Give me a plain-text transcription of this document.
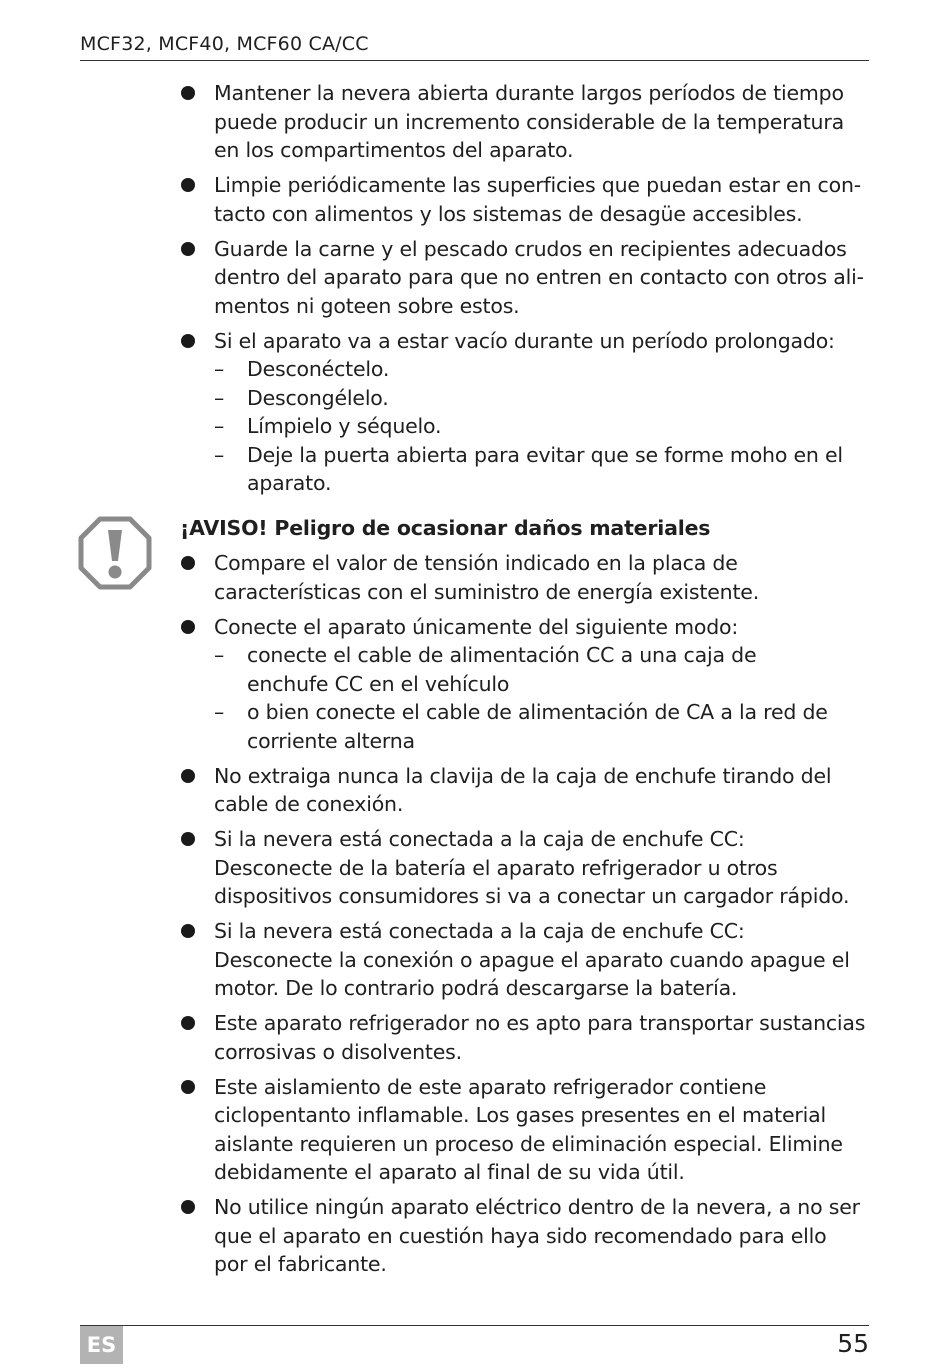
MCF32, MCF40, MCF60 CA/CC
Mantener la nevera abierta durante largos períodos de tiempo
puede producir un incremento considerable de la temperatura
en los compartimentos del aparato.
Limpie periódicamente las superficies que puedan estar en con-
tacto con alimentos y los sistemas de desagüe accesibles.
Guarde la carne y el pescado crudos en recipientes adecuados
dentro del aparato para que no entren en contacto con otros ali-
mentos ni goteen sobre estos.
Si el aparato va a estar vacío durante un período prolongado:
– Desconéctelo.
– Descongélelo.
– Límpielo y séquelo.
– Deje la puerta abierta para evitar que se forme moho en el
aparato.
¡AVISO! Peligro de ocasionar daños materiales
Compare el valor de tensión indicado en la placa de
características con el suministro de energía existente.
Conecte el aparato únicamente del siguiente modo:
– conecte el cable de alimentación CC a una caja de
enchufe CC en el vehículo
– o bien conecte el cable de alimentación de CA a la red de
corriente alterna
No extraiga nunca la clavija de la caja de enchufe tirando del
cable de conexión.
Si la nevera está conectada a la caja de enchufe CC:
Desconecte de la batería el aparato refrigerador u otros
dispositivos consumidores si va a conectar un cargador rápido.
Si la nevera está conectada a la caja de enchufe CC:
Desconecte la conexión o apague el aparato cuando apague el
motor. De lo contrario podrá descargarse la batería.
Este aparato refrigerador no es apto para transportar sustancias
corrosivas o disolventes.
Este aislamiento de este aparato refrigerador contiene
ciclopentanto inflamable. Los gases presentes en el material
aislante requieren un proceso de eliminación especial. Elimine
debidamente el aparato al final de su vida útil.
No utilice ningún aparato eléctrico dentro de la nevera, a no ser
que el aparato en cuestión haya sido recomendado para ello
por el fabricante.
ES	55
